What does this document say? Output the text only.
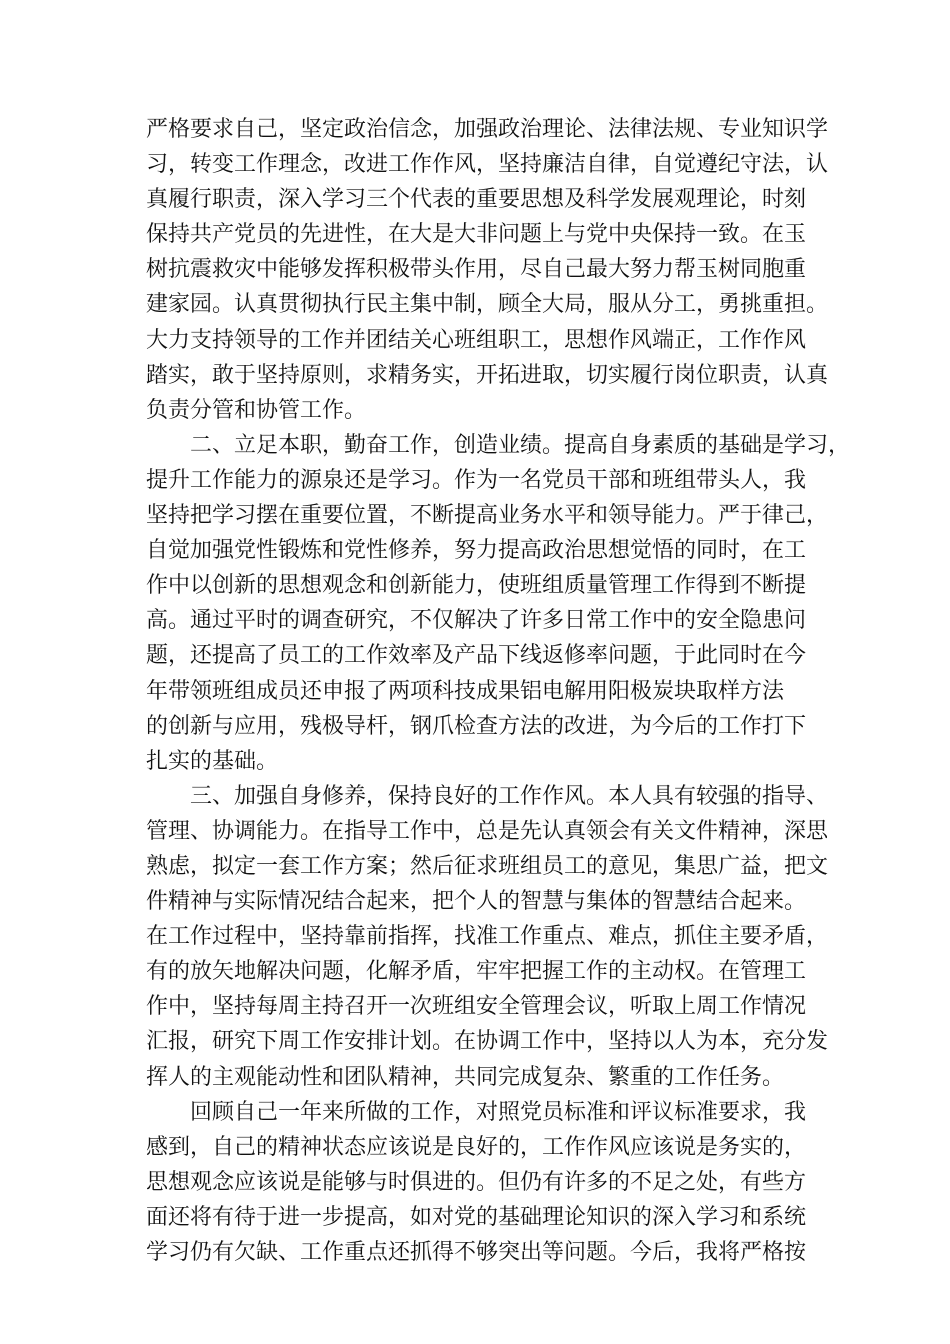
严格要求自己，坚定政治信念，加强政治理论、法律法规、专业知识学
习，转变工作理念，改进工作作风，坚持廉洁自律，自觉遵纪守法，认
真履行职责，深入学习三个代表的重要思想及科学发展观理论，时刻
保持共产党员的先进性，在大是大非问题上与党中央保持一致。在玉
树抗震救灾中能够发挥积极带头作用，尽自己最大努力帮玉树同胞重
建家园。认真贯彻执行民主集中制，顾全大局，服从分工，勇挑重担。
大力支持领导的工作并团结关心班组职工，思想作风端正，工作作风
踏实，敢于坚持原则，求精务实，开拓进取，切实履行岗位职责，认真
负责分管和协管工作。
二、立足本职，勤奋工作，创造业绩。提高自身素质的基础是学习，
提升工作能力的源泉还是学习。作为一名党员干部和班组带头人，我
坚持把学习摆在重要位置，不断提高业务水平和领导能力。严于律己，
自觉加强党性锻炼和党性修养，努力提高政治思想觉悟的同时，在工
作中以创新的思想观念和创新能力，使班组质量管理工作得到不断提
高。通过平时的调查研究，不仅解决了许多日常工作中的安全隐患问
题，还提高了员工的工作效率及产品下线返修率问题，于此同时在今
年带领班组成员还申报了两项科技成果铝电解用阳极炭块取样方法
的创新与应用，残极导杆，钢爪检查方法的改进，为今后的工作打下
扎实的基础。
三、加强自身修养，保持良好的工作作风。本人具有较强的指导、
管理、协调能力。在指导工作中，总是先认真领会有关文件精神，深思
熟虑，拟定一套工作方案；然后征求班组员工的意见，集思广益，把文
件精神与实际情况结合起来，把个人的智慧与集体的智慧结合起来。
在工作过程中，坚持靠前指挥，找准工作重点、难点，抓住主要矛盾，
有的放矢地解决问题，化解矛盾，牢牢把握工作的主动权。在管理工
作中，坚持每周主持召开一次班组安全管理会议，听取上周工作情况
汇报，研究下周工作安排计划。在协调工作中，坚持以人为本，充分发
挥人的主观能动性和团队精神，共同完成复杂、繁重的工作任务。
回顾自己一年来所做的工作，对照党员标准和评议标准要求，我
感到，自己的精神状态应该说是良好的，工作作风应该说是务实的，
思想观念应该说是能够与时俱进的。但仍有许多的不足之处，有些方
面还将有待于进一步提高，如对党的基础理论知识的深入学习和系统
学习仍有欠缺、工作重点还抓得不够突出等问题。今后，我将严格按
